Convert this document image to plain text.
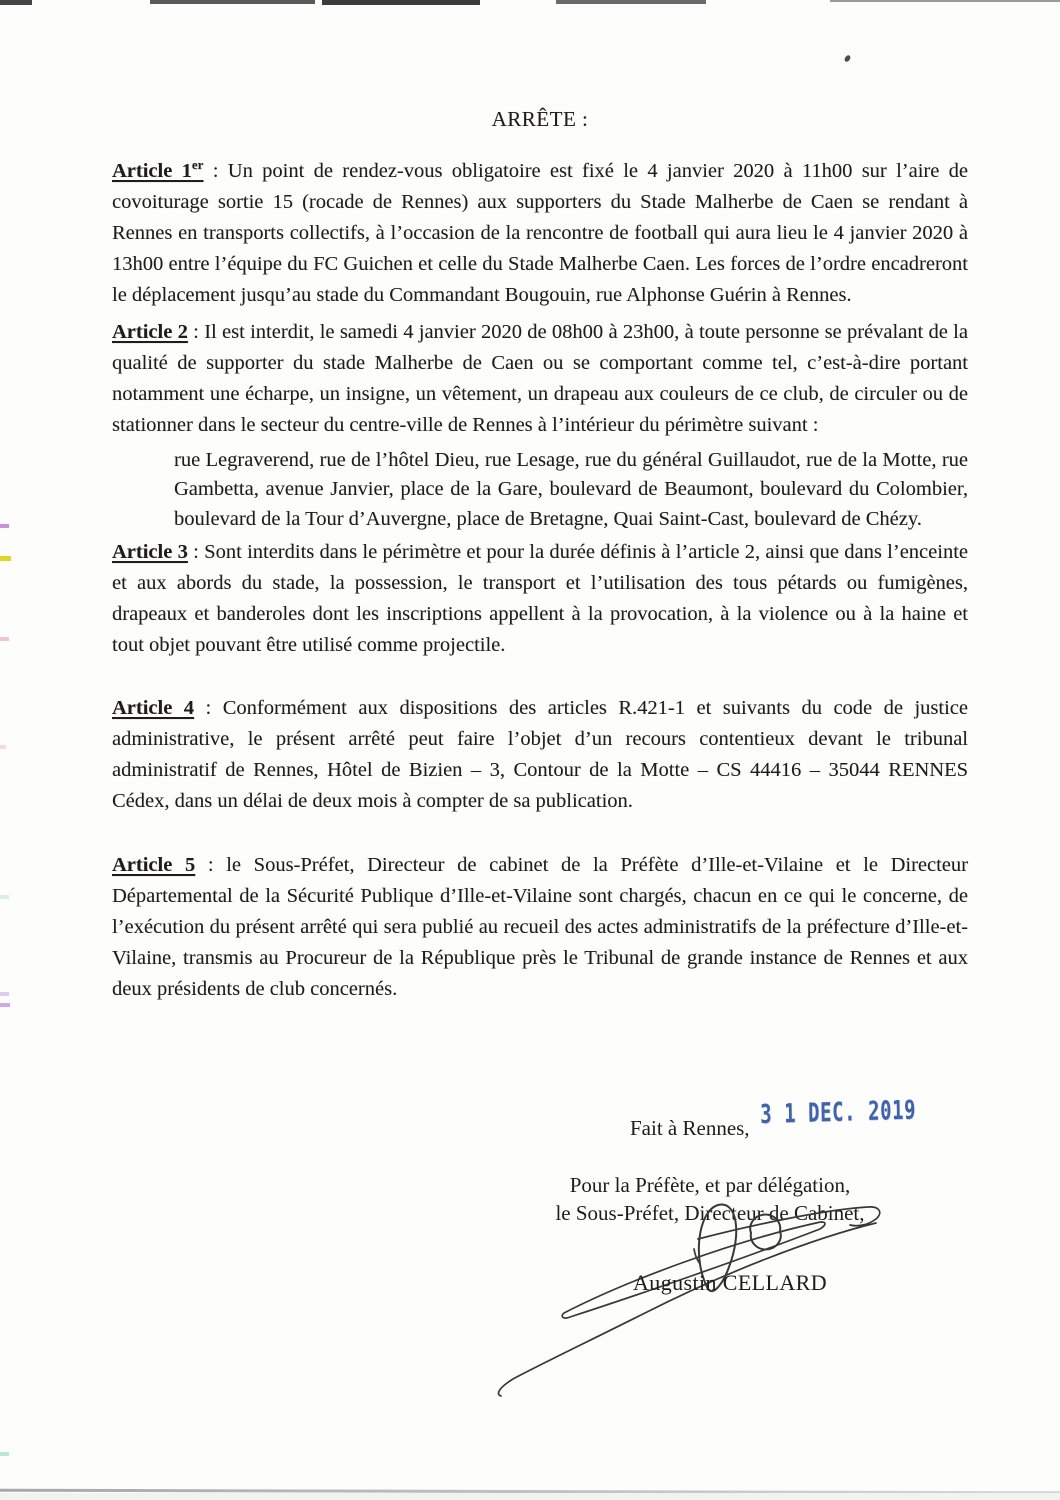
ARRÊTE :

Article 1er : Un point de rendez-vous obligatoire est fixé le 4 janvier 2020 à 11h00 sur l’aire de covoiturage sortie 15 (rocade de Rennes) aux supporters du Stade Malherbe de Caen se rendant à Rennes en transports collectifs, à l’occasion de la rencontre de football qui aura lieu le 4 janvier 2020 à 13h00 entre l’équipe du FC Guichen et celle du Stade Malherbe Caen. Les forces de l’ordre encadreront le déplacement jusqu’au stade du Commandant Bougouin, rue Alphonse Guérin à Rennes.

Article 2 : Il est interdit, le samedi 4 janvier 2020 de 08h00 à 23h00, à toute personne se prévalant de la qualité de supporter du stade Malherbe de Caen ou se comportant comme tel, c’est-à-dire portant notamment une écharpe, un insigne, un vêtement, un drapeau aux couleurs de ce club, de circuler ou de stationner dans le secteur du centre-ville de Rennes à l’intérieur du périmètre suivant :

rue Legraverend, rue de l’hôtel Dieu, rue Lesage, rue du général Guillaudot, rue de la Motte, rue Gambetta, avenue Janvier, place de la Gare, boulevard de Beaumont, boulevard du Colombier, boulevard de la Tour d’Auvergne, place de Bretagne, Quai Saint-Cast, boulevard de Chézy.

Article 3 : Sont interdits dans le périmètre et pour la durée définis à l’article 2, ainsi que dans l’enceinte et aux abords du stade, la possession, le transport et l’utilisation des tous pétards ou fumigènes, drapeaux et banderoles dont les inscriptions appellent à la provocation, à la violence ou à la haine et tout objet pouvant être utilisé comme projectile.

Article 4 : Conformément aux dispositions des articles R.421-1 et suivants du code de justice administrative, le présent arrêté peut faire l’objet d’un recours contentieux devant le tribunal administratif de Rennes, Hôtel de Bizien – 3, Contour de la Motte – CS 44416 – 35044 RENNES Cédex, dans un délai de deux mois à compter de sa publication.

Article 5 : le Sous-Préfet, Directeur de cabinet de la Préfète d’Ille-et-Vilaine et le Directeur Départemental de la Sécurité Publique d’Ille-et-Vilaine sont chargés, chacun en ce qui le concerne, de l’exécution du présent arrêté qui sera publié au recueil des actes administratifs de la préfecture d’Ille-et-Vilaine, transmis au Procureur de la République près le Tribunal de grande instance de Rennes et aux deux présidents de club concernés.

Fait à Rennes, 3 1 DEC. 2019
Pour la Préfète, et par délégation,
le Sous-Préfet, Directeur de Cabinet,
Augustin CELLARD
